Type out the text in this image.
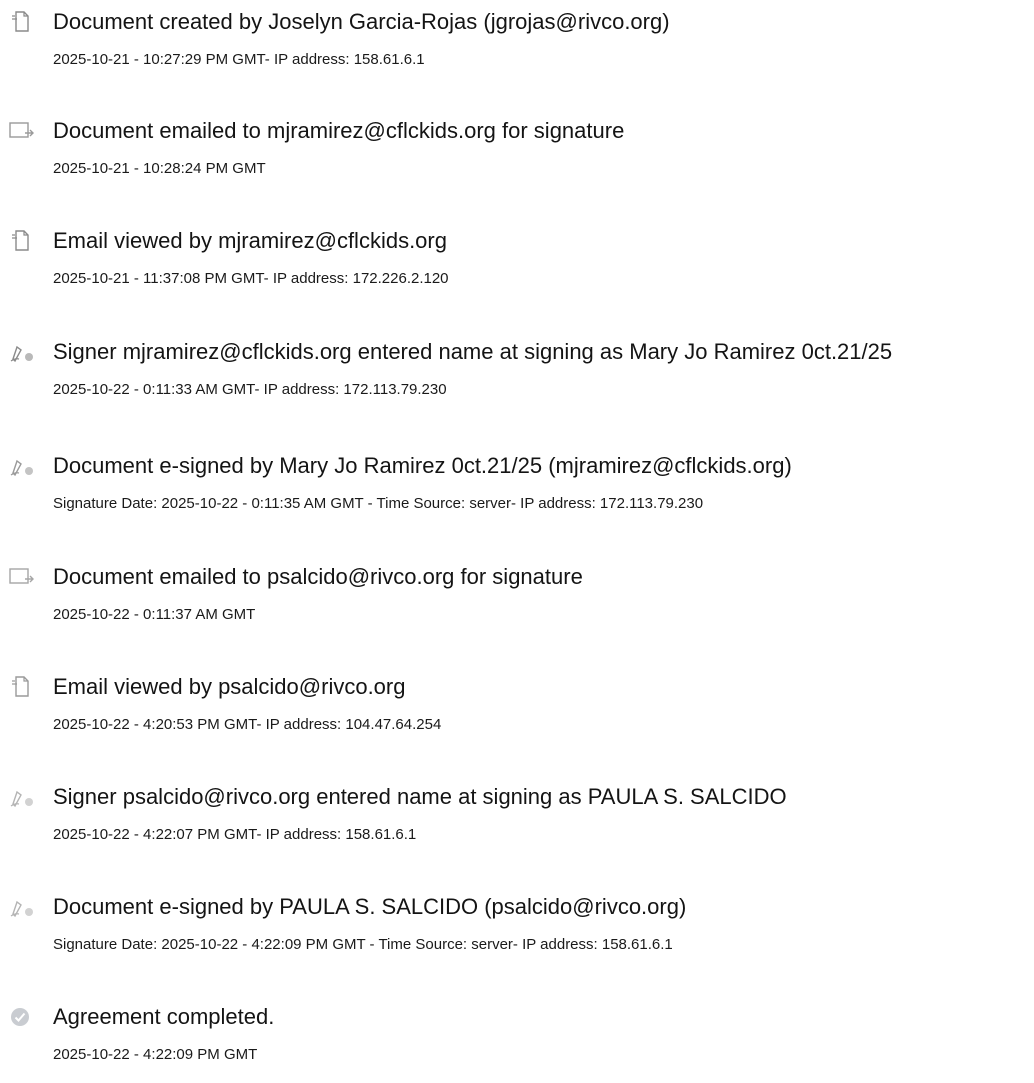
Document created by Joselyn Garcia-Rojas (jgrojas@rivco.org)
2025-10-21 - 10:27:29 PM GMT- IP address: 158.61.6.1
Document emailed to mjramirez@cflckids.org for signature
2025-10-21 - 10:28:24 PM GMT
Email viewed by mjramirez@cflckids.org
2025-10-21 - 11:37:08 PM GMT- IP address: 172.226.2.120
Signer mjramirez@cflckids.org entered name at signing as Mary Jo Ramirez 0ct.21/25
2025-10-22 - 0:11:33 AM GMT- IP address: 172.113.79.230
Document e-signed by Mary Jo Ramirez 0ct.21/25 (mjramirez@cflckids.org)
Signature Date: 2025-10-22 - 0:11:35 AM GMT - Time Source: server- IP address: 172.113.79.230
Document emailed to psalcido@rivco.org for signature
2025-10-22 - 0:11:37 AM GMT
Email viewed by psalcido@rivco.org
2025-10-22 - 4:20:53 PM GMT- IP address: 104.47.64.254
Signer psalcido@rivco.org entered name at signing as PAULA S. SALCIDO
2025-10-22 - 4:22:07 PM GMT- IP address: 158.61.6.1
Document e-signed by PAULA S. SALCIDO (psalcido@rivco.org)
Signature Date: 2025-10-22 - 4:22:09 PM GMT - Time Source: server- IP address: 158.61.6.1
Agreement completed.
2025-10-22 - 4:22:09 PM GMT
